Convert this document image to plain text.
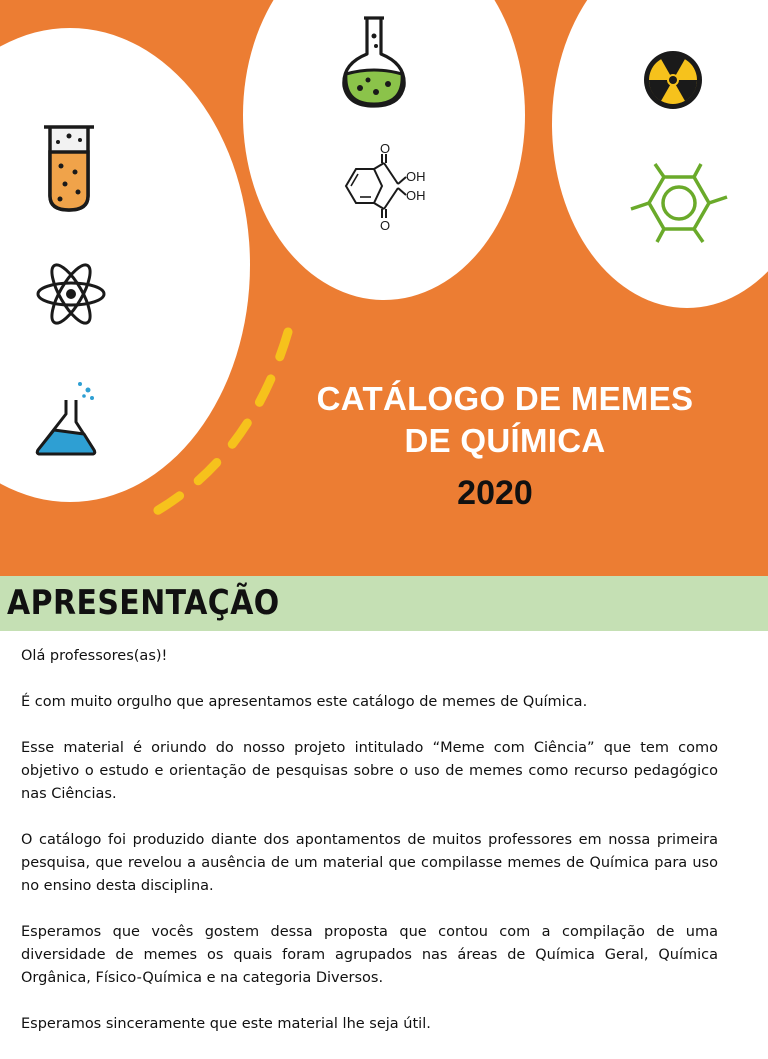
O
O
OH
OH
CATÁLOGO DE MEMES
DE QUÍMICA
2020
APRESENTAÇÃO

Olá professores(as)!

É com muito orgulho que apresentamos este catálogo de memes de Química.

Esse material é oriundo do nosso projeto intitulado “Meme com Ciência” que tem como objetivo o estudo e orientação de pesquisas sobre o uso de memes como recurso pedagógico nas Ciências.

O catálogo foi produzido diante dos apontamentos de muitos professores em nossa primeira pesquisa, que revelou a ausência de um material que compilasse memes de Química para uso no ensino desta disciplina.

Esperamos que vocês gostem dessa proposta que contou com a compilação de uma diversidade de memes os quais foram agrupados nas áreas de Química Geral, Química Orgânica, Físico-Química e na categoria Diversos.

Esperamos sinceramente que este material lhe seja útil.
